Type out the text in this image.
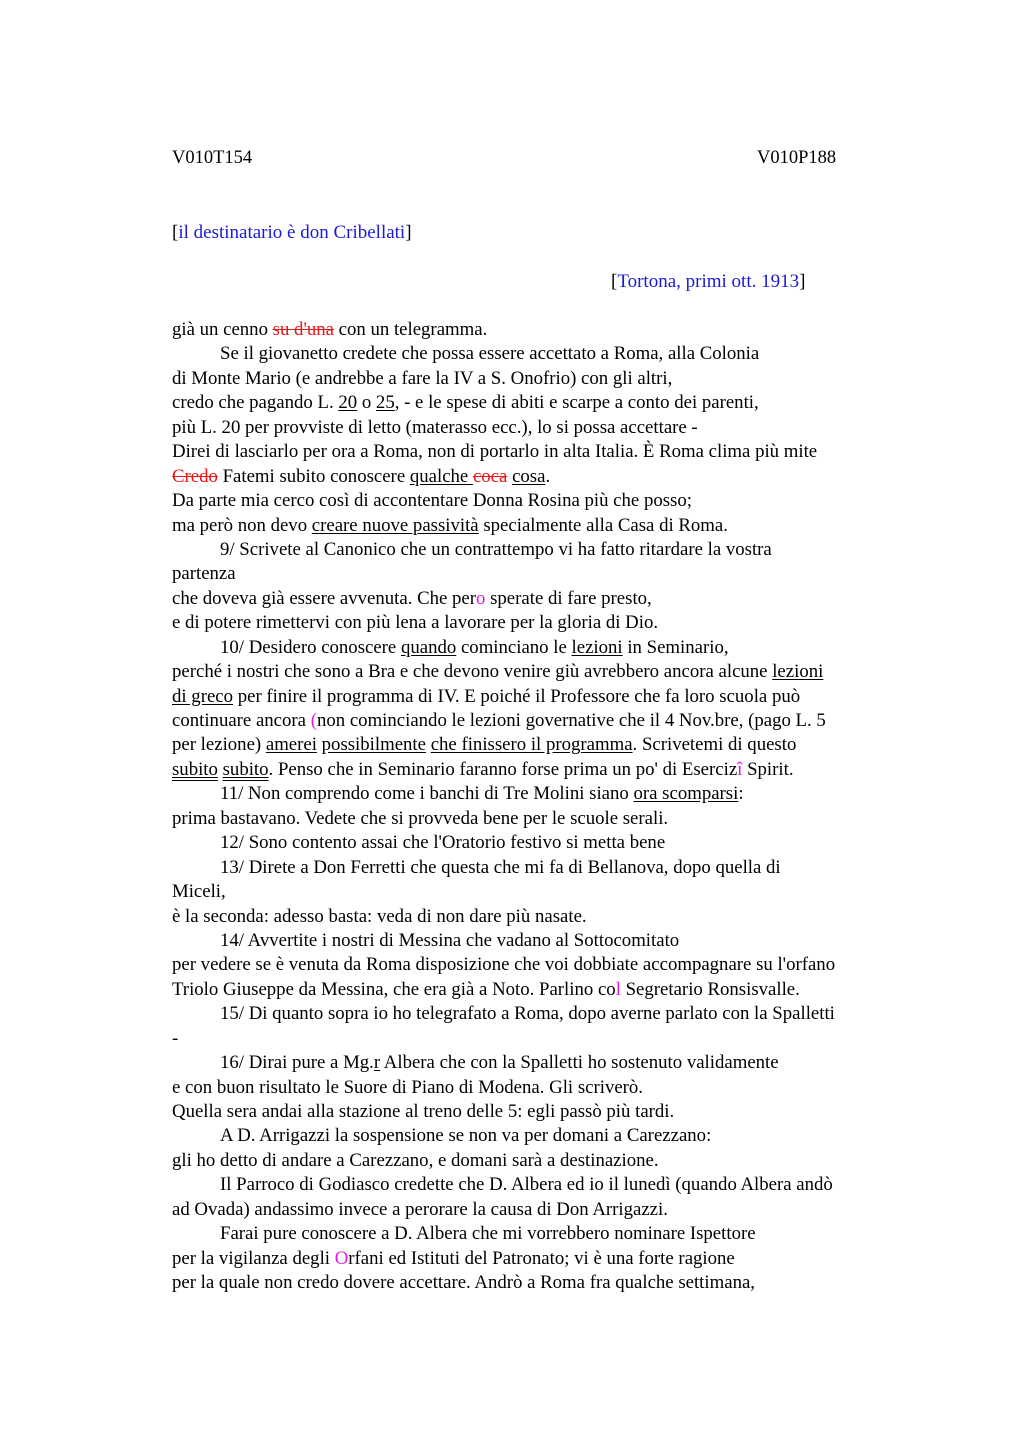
V010T154	V010P188
[il destinatario è don Cribellati]
[Tortona, primi ott. 1913]
già un cenno su d'una con un telegramma.
Se il giovanetto credete che possa essere accettato a Roma, alla Colonia
di Monte Mario (e andrebbe a fare la IV a S. Onofrio) con gli altri,
credo che pagando L. 20 o 25, - e le spese di abiti e scarpe a conto dei parenti,
più L. 20 per provviste di letto (materasso ecc.), lo si possa accettare -
Direi di lasciarlo per ora a Roma, non di portarlo in alta Italia. È Roma clima più mite
Credo Fatemi subito conoscere qualche coca cosa.
Da parte mia cerco così di accontentare Donna Rosina più che posso;
ma però non devo creare nuove passività specialmente alla Casa di Roma.
9/ Scrivete al Canonico che un contrattempo vi ha fatto ritardare la vostra
partenza
che doveva già essere avvenuta. Che pero sperate di fare presto,
e di potere rimettervi con più lena a lavorare per la gloria di Dio.
10/ Desidero conoscere quando cominciano le lezioni in Seminario,
perché i nostri che sono a Bra e che devono venire giù avrebbero ancora alcune lezioni
di greco per finire il programma di IV. E poiché il Professore che fa loro scuola può
continuare ancora (non cominciando le lezioni governative che il 4 Nov.bre, (pago L. 5
per lezione) amerei possibilmente che finissero il programma. Scrivetemi di questo
subito subito. Penso che in Seminario faranno forse prima un po' di Esercizî Spirit.
11/ Non comprendo come i banchi di Tre Molini siano ora scomparsi:
prima bastavano. Vedete che si provveda bene per le scuole serali.
12/ Sono contento assai che l'Oratorio festivo si metta bene
13/ Direte a Don Ferretti che questa che mi fa di Bellanova, dopo quella di
Miceli,
è la seconda: adesso basta: veda di non dare più nasate.
14/ Avvertite i nostri di Messina che vadano al Sottocomitato
per vedere se è venuta da Roma disposizione che voi dobbiate accompagnare su l'orfano
Triolo Giuseppe da Messina, che era già a Noto. Parlino col Segretario Ronsisvalle.
15/ Di quanto sopra io ho telegrafato a Roma, dopo averne parlato con la Spalletti
-
16/ Dirai pure a Mg.r Albera che con la Spalletti ho sostenuto validamente
e con buon risultato le Suore di Piano di Modena. Gli scriverò.
Quella sera andai alla stazione al treno delle 5: egli passò più tardi.
A D. Arrigazzi la sospensione se non va per domani a Carezzano:
gli ho detto di andare a Carezzano, e domani sarà a destinazione.
Il Parroco di Godiasco credette che D. Albera ed io il lunedì (quando Albera andò
ad Ovada) andassimo invece a perorare la causa di Don Arrigazzi.
Farai pure conoscere a D. Albera che mi vorrebbero nominare Ispettore
per la vigilanza degli Orfani ed Istituti del Patronato; vi è una forte ragione
per la quale non credo dovere accettare. Andrò a Roma fra qualche settimana,
